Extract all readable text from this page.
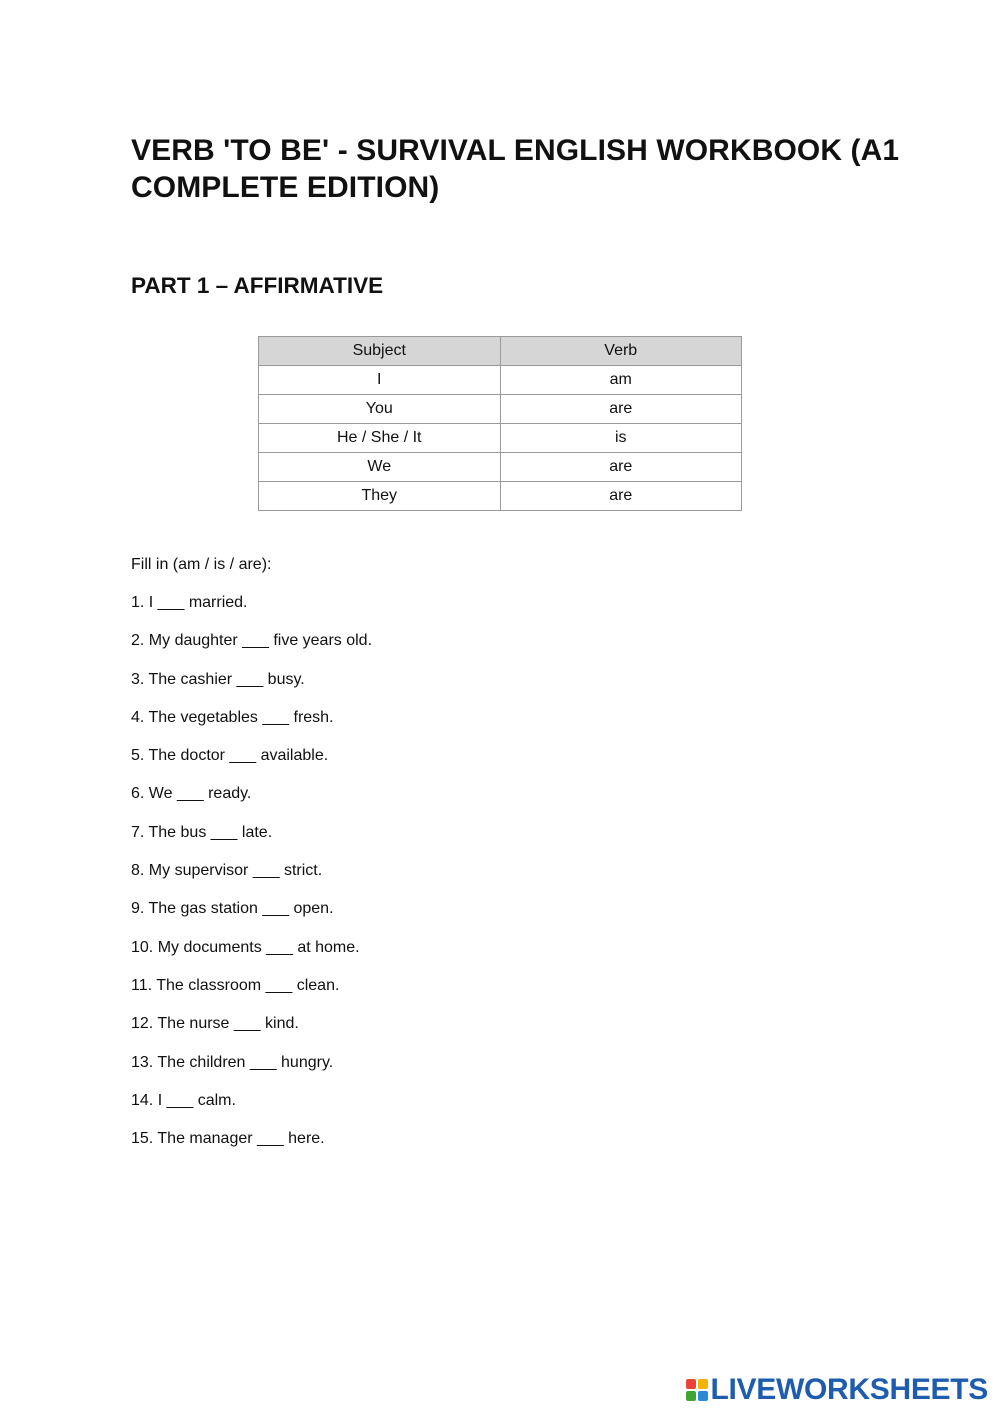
VERB 'TO BE' - SURVIVAL ENGLISH WORKBOOK (A1 COMPLETE EDITION)
PART 1 – AFFIRMATIVE
Subject	Verb
I	am
You	are
He / She / It	is
We	are
They	are

Fill in (am / is / are):

1. I ___ married.
2. My daughter ___ five years old.
3. The cashier ___ busy.
4. The vegetables ___ fresh.
5. The doctor ___ available.
6. We ___ ready.
7. The bus ___ late.
8. My supervisor ___ strict.
9. The gas station ___ open.
10. My documents ___ at home.
11. The classroom ___ clean.
12. The nurse ___ kind.
13. The children ___ hungry.
14. I ___ calm.
15. The manager ___ here.
LIVEWORKSHEETS
